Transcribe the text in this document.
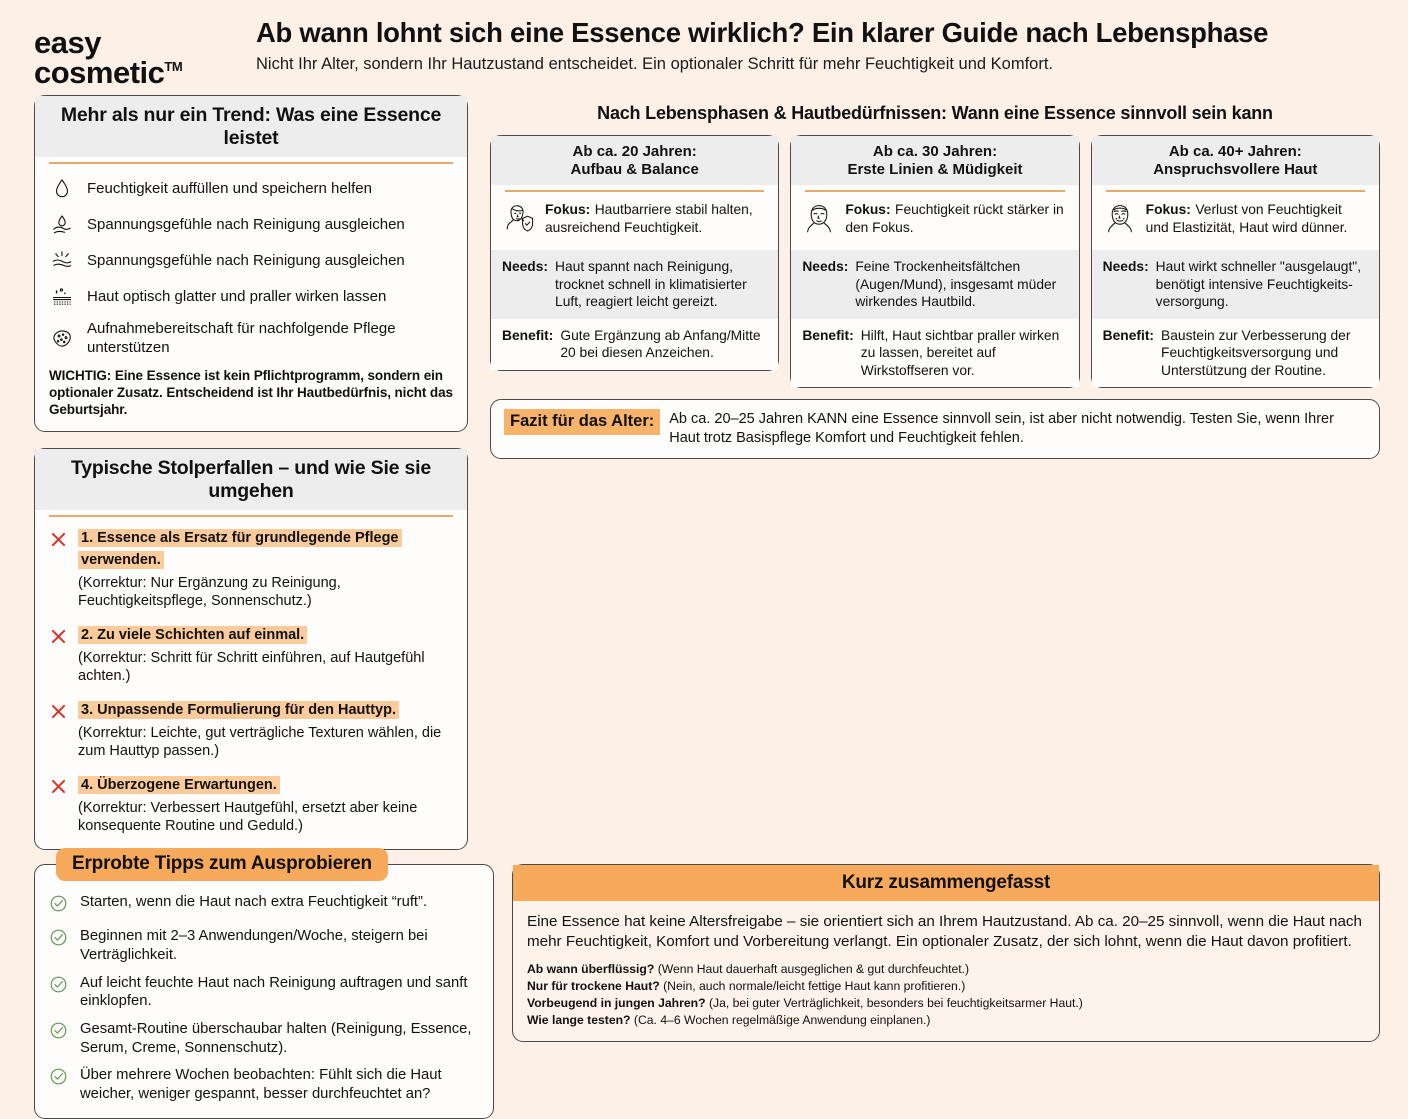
easy
cosmetic TM
Ab wann lohnt sich eine Essence wirklich? Ein klarer Guide nach Lebensphase
Nicht Ihr Alter, sondern Ihr Hautzustand entscheidet. Ein optionaler Schritt für mehr Feuchtigkeit und Komfort.
Mehr als nur ein Trend: Was eine Essence leistet
Feuchtigkeit auffüllen und speichern helfen
Spannungsgefühle nach Reinigung ausgleichen
Spannungsgefühle nach Reinigung ausgleichen
Haut optisch glatter und praller wirken lassen
Aufnahmebereitschaft für nachfolgende Pflege unterstützen
WICHTIG: Eine Essence ist kein Pflichtprogramm, sondern ein optionaler Zusatz. Entscheidend ist Ihr Hautbedürfnis, nicht das Geburtsjahr.
Typische Stolperfallen – und wie Sie sie umgehen
1. Essence als Ersatz für grundlegende Pflege verwenden.
(Korrektur: Nur Ergänzung zu Reinigung, Feuchtigkeitspflege, Sonnenschutz.)
2. Zu viele Schichten auf einmal.
(Korrektur: Schritt für Schritt einführen, auf Hautgefühl achten.)
3. Unpassende Formulierung für den Hauttyp.
(Korrektur: Leichte, gut verträgliche Texturen wählen, die zum Hauttyp passen.)
4. Überzogene Erwartungen.
(Korrektur: Verbessert Hautgefühl, ersetzt aber keine konsequente Routine und Geduld.)
Nach Lebensphasen & Hautbedürfnissen: Wann eine Essence sinnvoll sein kann
Ab ca. 20 Jahren:
Aufbau & Balance
Fokus: Hautbarriere stabil halten, ausreichend Feuchtigkeit.
Needs: Haut spannt nach Reinigung, trocknet schnell in klimatisierter Luft, reagiert leicht gereizt.
Benefit: Gute Ergänzung ab Anfang/Mitte 20 bei diesen Anzeichen.
Ab ca. 30 Jahren:
Erste Linien & Müdigkeit
Fokus: Feuchtigkeit rückt stärker in den Fokus.
Needs: Feine Trockenheitsfältchen (Augen/Mund), insgesamt müder wirkendes Hautbild.
Benefit: Hilft, Haut sichtbar praller wirken zu lassen, bereitet auf Wirkstoffseren vor.
Ab ca. 40+ Jahren:
Anspruchsvollere Haut
Fokus: Verlust von Feuchtigkeit und Elastizität, Haut wird dünner.
Needs: Haut wirkt schneller "ausgelaugt", benötigt intensive Feuchtigkeits-versorgung.
Benefit: Baustein zur Verbesserung der Feuchtigkeitsversorgung und Unterstützung der Routine.
Fazit für das Alter:	Ab ca. 20–25 Jahren KANN eine Essence sinnvoll sein, ist aber nicht notwendig. Testen Sie, wenn Ihrer Haut trotz Basispflege Komfort und Feuchtigkeit fehlen.
Erprobte Tipps zum Ausprobieren
Starten, wenn die Haut nach extra Feuchtigkeit “ruft”.
Beginnen mit 2–3 Anwendungen/Woche, steigern bei Verträglichkeit.
Auf leicht feuchte Haut nach Reinigung auftragen und sanft einklopfen.
Gesamt-Routine überschaubar halten (Reinigung, Essence, Serum, Creme, Sonnenschutz).
Über mehrere Wochen beobachten: Fühlt sich die Haut weicher, weniger gespannt, besser durchfeuchtet an?
Kurz zusammengefasst
Eine Essence hat keine Altersfreigabe – sie orientiert sich an Ihrem Hautzustand. Ab ca. 20–25 sinnvoll, wenn die Haut nach mehr Feuchtigkeit, Komfort und Vorbereitung verlangt. Ein optionaler Zusatz, der sich lohnt, wenn die Haut davon profitiert.
Ab wann überflüssig? (Wenn Haut dauerhaft ausgeglichen & gut durchfeuchtet.)
Nur für trockene Haut? (Nein, auch normale/leicht fettige Haut kann profitieren.)
Vorbeugend in jungen Jahren? (Ja, bei guter Verträglichkeit, besonders bei feuchtigkeitsarmer Haut.)
Wie lange testen? (Ca. 4–6 Wochen regelmäßige Anwendung einplanen.)
